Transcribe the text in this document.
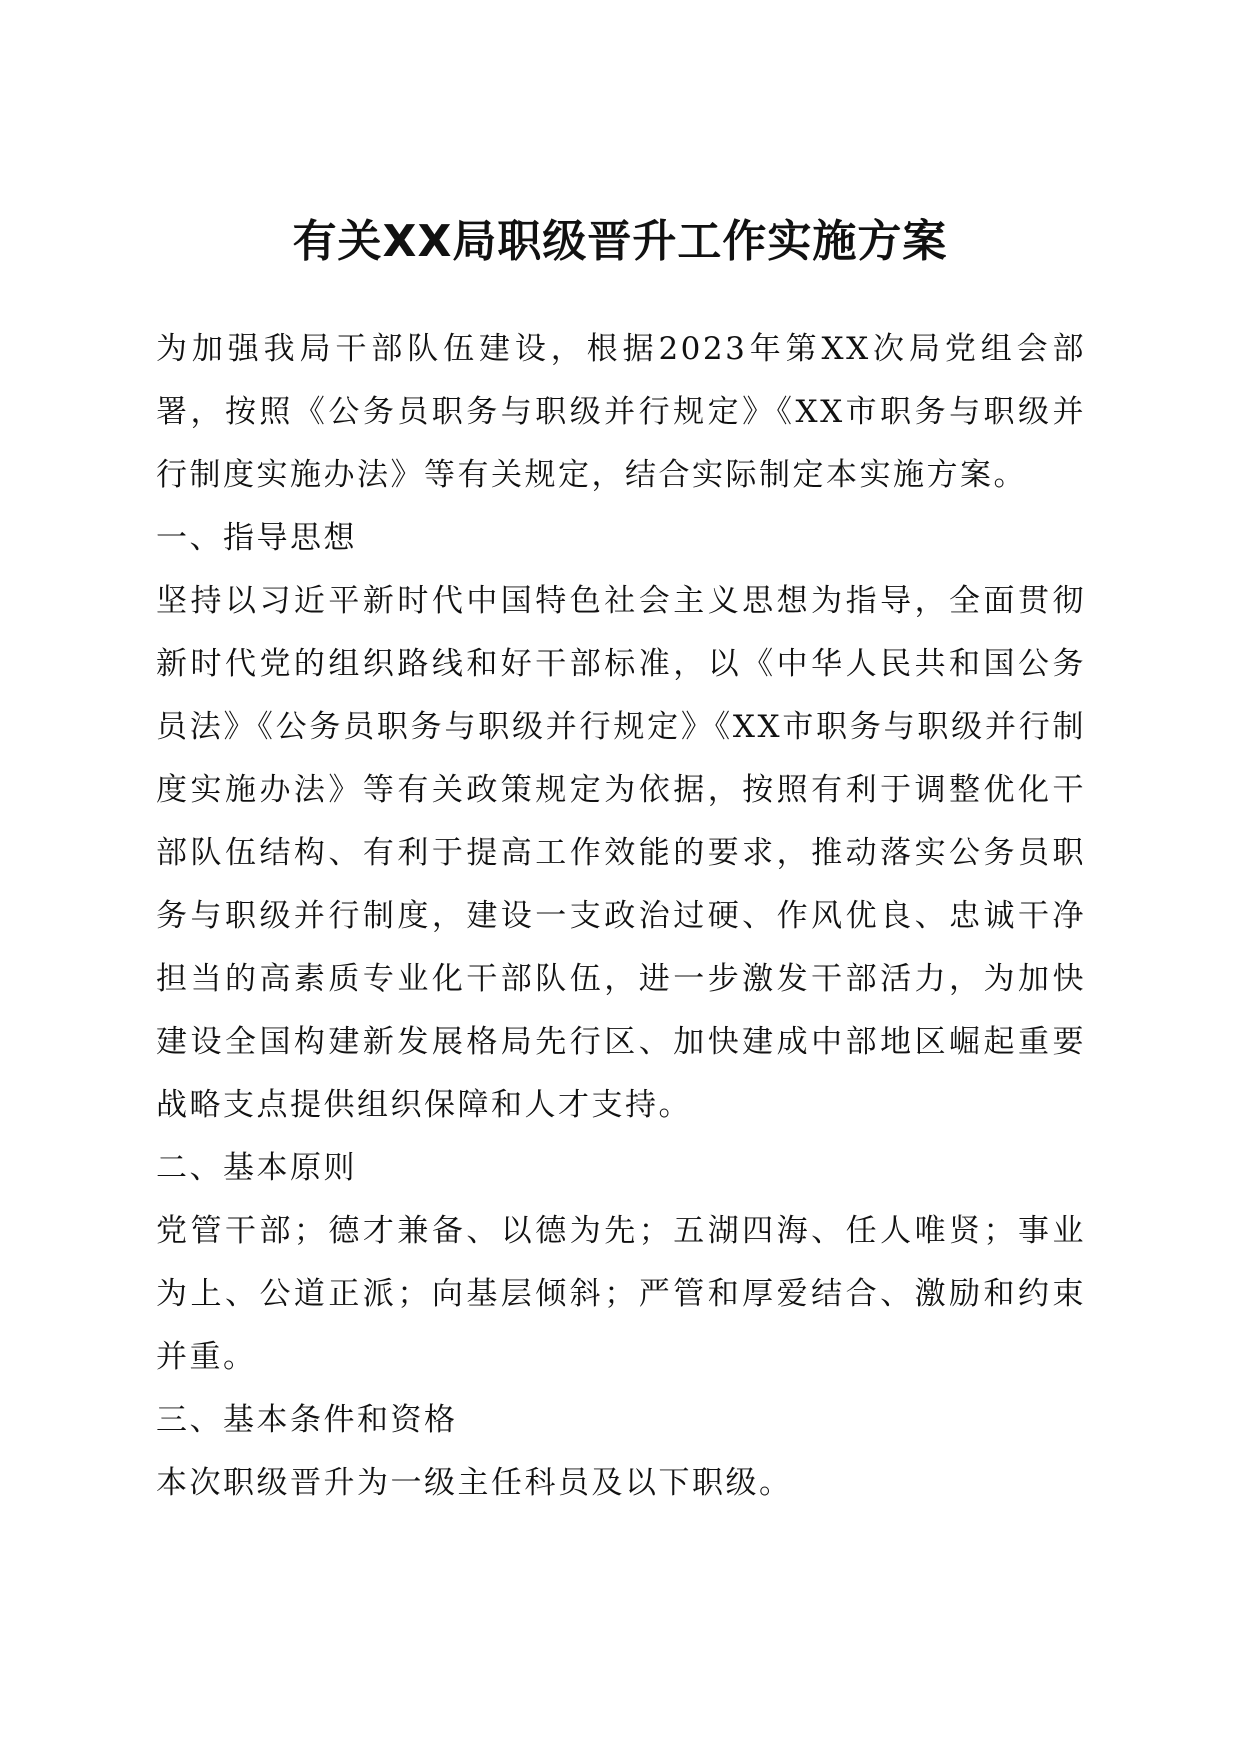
有关XX局职级晋升工作实施方案

为加强我局干部队伍建设，根据2023年第XX次局党组会部署，按照《公务员职务与职级并行规定》《XX市职务与职级并行制度实施办法》等有关规定，结合实际制定本实施方案。

一、指导思想

坚持以习近平新时代中国特色社会主义思想为指导，全面贯彻新时代党的组织路线和好干部标准，以《中华人民共和国公务员法》《公务员职务与职级并行规定》《XX市职务与职级并行制度实施办法》等有关政策规定为依据，按照有利于调整优化干部队伍结构、有利于提高工作效能的要求，推动落实公务员职务与职级并行制度，建设一支政治过硬、作风优良、忠诚干净担当的高素质专业化干部队伍，进一步激发干部活力，为加快建设全国构建新发展格局先行区、加快建成中部地区崛起重要战略支点提供组织保障和人才支持。

二、基本原则

党管干部；德才兼备、以德为先；五湖四海、任人唯贤；事业为上、公道正派；向基层倾斜；严管和厚爱结合、激励和约束并重。

三、基本条件和资格

本次职级晋升为一级主任科员及以下职级。
